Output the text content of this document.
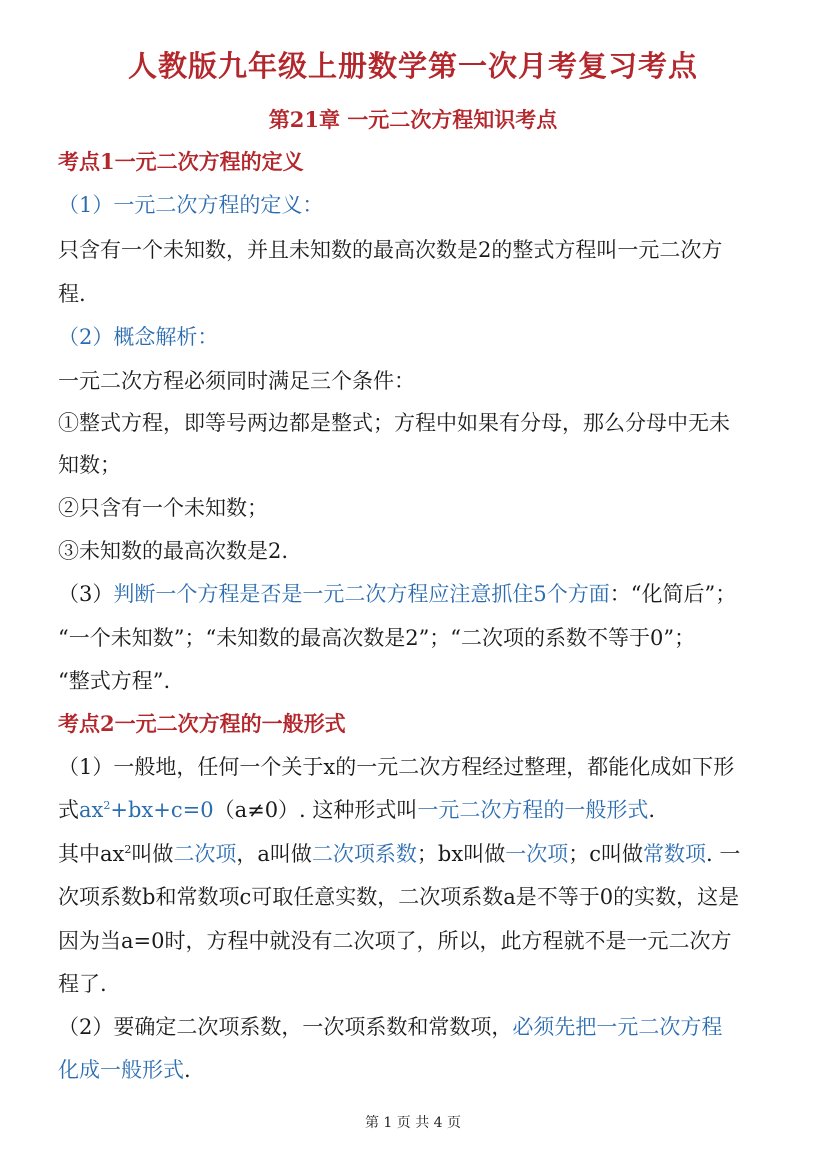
人教版九年级上册数学第一次月考复习考点
第21章 一元二次方程知识考点
考点1一元二次方程的定义
（1）一元二次方程的定义：
只含有一个未知数，并且未知数的最高次数是2的整式方程叫一元二次方
程.
（2）概念解析：
一元二次方程必须同时满足三个条件：
①整式方程，即等号两边都是整式；方程中如果有分母，那么分母中无未
知数；
②只含有一个未知数；
③未知数的最高次数是2.
（3）判断一个方程是否是一元二次方程应注意抓住5个方面：“化简后”；
“一个未知数”；“未知数的最高次数是2”；“二次项的系数不等于0”；
“整式方程”.
考点2一元二次方程的一般形式
（1）一般地，任何一个关于x的一元二次方程经过整理，都能化成如下形
式$ax^2+bx+c=0(a\ne 0)$. 这种形式叫一元二次方程的一般形式.
其中$ax^2$叫做二次项，a叫做二次项系数；bx叫做一次项；c叫做常数项. 一
次项系数b和常数项c可取任意实数，二次项系数a是不等于0的实数，这是
因为当a=0时，方程中就没有二次项了，所以，此方程就不是一元二次方
程了.
（2）要确定二次项系数，一次项系数和常数项，必须先把一元二次方程
化成一般形式.
第 1 页 共 4 页
